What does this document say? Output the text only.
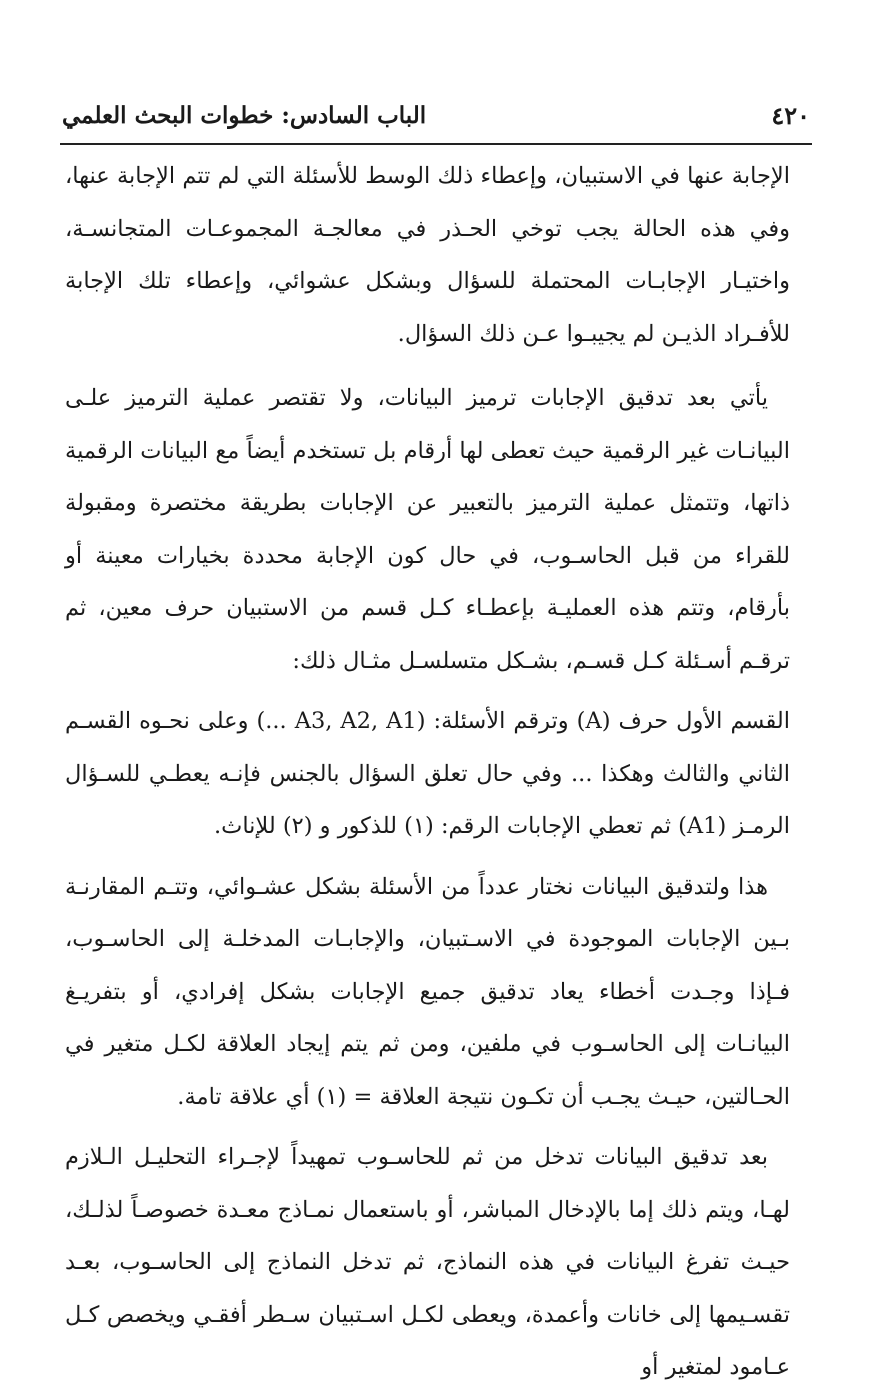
٤٢٠
الباب السادس: خطوات البحث العلمي

الإجابة عنها في الاستبيان، وإعطاء ذلك الوسط للأسئلة التي لم تتم الإجابة عنها، وفي هذه الحالة يجب توخي الحـذر في معالجـة المجموعـات المتجانسـة، واختيـار الإجابـات المحتملة للسؤال وبشكل عشوائي، وإعطاء تلك الإجابة للأفـراد الذيـن لم يجيبـوا عـن ذلك السؤال.

يأتي بعد تدقيق الإجابات ترميز البيانات، ولا تقتصر عملية الترميز علـى البيانـات غير الرقمية حيث تعطى لها أرقام بل تستخدم أيضاً مع البيانات الرقمية ذاتها، وتتمثل عملية الترميز بالتعبير عن الإجابات بطريقة مختصرة ومقبولة للقراء من قبل الحاسـوب، في حال كون الإجابة محددة بخيارات معينة أو بأرقام، وتتم هذه العمليـة بإعطـاء كـل قسم من الاستبيان حرف معين، ثم ترقـم أسـئلة كـل قسـم، بشـكل متسلسـل مثـال ذلك:

القسم الأول حرف (A) وترقم الأسئلة: (A3, A2, A1 ...) وعلى نحـوه القسـم الثاني والثالث وهكذا ... وفي حال تعلق السؤال بالجنس فإنـه يعطـي للسـؤال الرمـز (A1) ثم تعطي الإجابات الرقم: (١) للذكور و (٢) للإناث.

هذا ولتدقيق البيانات نختار عدداً من الأسئلة بشكل عشـوائي، وتتـم المقارنـة بـين الإجابات الموجودة في الاسـتبيان، والإجابـات المدخلـة إلى الحاسـوب، فـإذا وجـدت أخطاء يعاد تدقيق جميع الإجابات بشكل إفرادي، أو بتفريـغ البيانـات إلى الحاسـوب في ملفين، ومن ثم يتم إيجاد العلاقة لكـل متغير في الحـالتين، حيـث يجـب أن تكـون نتيجة العلاقة = (١) أي علاقة تامة.

بعد تدقيق البيانات تدخل من ثم للحاسـوب تمهيداً لإجـراء التحليـل الـلازم لهـا، ويتم ذلك إما بالإدخال المباشر، أو باستعمال نمـاذج معـدة خصوصـاً لذلـك، حيـث تفرغ البيانات في هذه النماذج، ثم تدخل النماذج إلى الحاسـوب، بعـد تقسـيمها إلى خانات وأعمدة، ويعطى لكـل اسـتبيان سـطر أفقـي ويخصص كـل عـامود لمتغير أو
